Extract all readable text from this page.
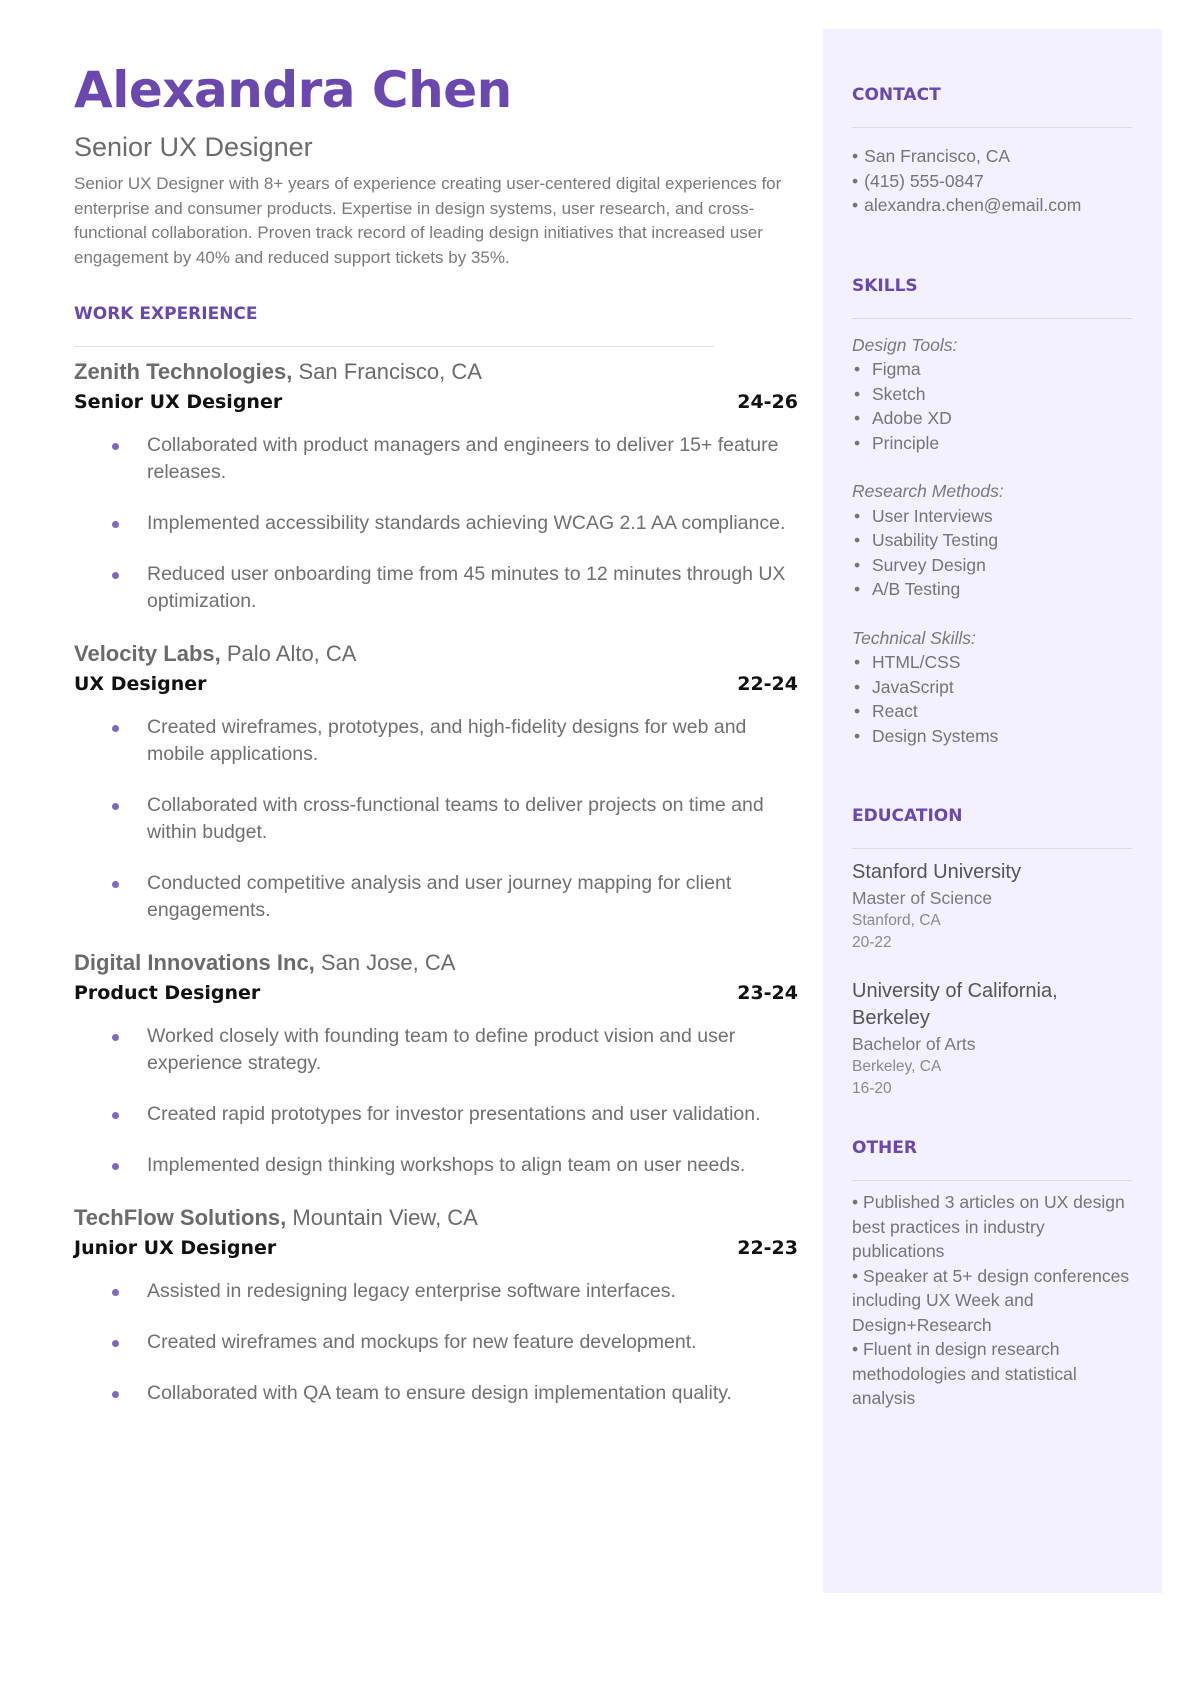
Alexandra Chen
Senior UX Designer
Senior UX Designer with 8+ years of experience creating user-centered digital experiences for enterprise and consumer products. Expertise in design systems, user research, and cross-functional collaboration. Proven track record of leading design initiatives that increased user engagement by 40% and reduced support tickets by 35%.
WORK EXPERIENCE
Zenith Technologies, San Francisco, CA
Senior UX Designer	24-26
Collaborated with product managers and engineers to deliver 15+ feature releases.
Implemented accessibility standards achieving WCAG 2.1 AA compliance.
Reduced user onboarding time from 45 minutes to 12 minutes through UX optimization.
Velocity Labs, Palo Alto, CA
UX Designer	22-24
Created wireframes, prototypes, and high-fidelity designs for web and mobile applications.
Collaborated with cross-functional teams to deliver projects on time and within budget.
Conducted competitive analysis and user journey mapping for client engagements.
Digital Innovations Inc, San Jose, CA
Product Designer	23-24
Worked closely with founding team to define product vision and user experience strategy.
Created rapid prototypes for investor presentations and user validation.
Implemented design thinking workshops to align team on user needs.
TechFlow Solutions, Mountain View, CA
Junior UX Designer	22-23
Assisted in redesigning legacy enterprise software interfaces.
Created wireframes and mockups for new feature development.
Collaborated with QA team to ensure design implementation quality.
CONTACT
• San Francisco, CA
• (415) 555-0847
• alexandra.chen@email.com
SKILLS
Design Tools:
• Figma
• Sketch
• Adobe XD
• Principle
Research Methods:
• User Interviews
• Usability Testing
• Survey Design
• A/B Testing
Technical Skills:
• HTML/CSS
• JavaScript
• React
• Design Systems
EDUCATION
Stanford University
Master of Science
Stanford, CA
20-22
University of California, Berkeley
Bachelor of Arts
Berkeley, CA
16-20
OTHER

• Published 3 articles on UX design best practices in industry publications

• Speaker at 5+ design conferences including UX Week and Design+Research

• Fluent in design research methodologies and statistical analysis
